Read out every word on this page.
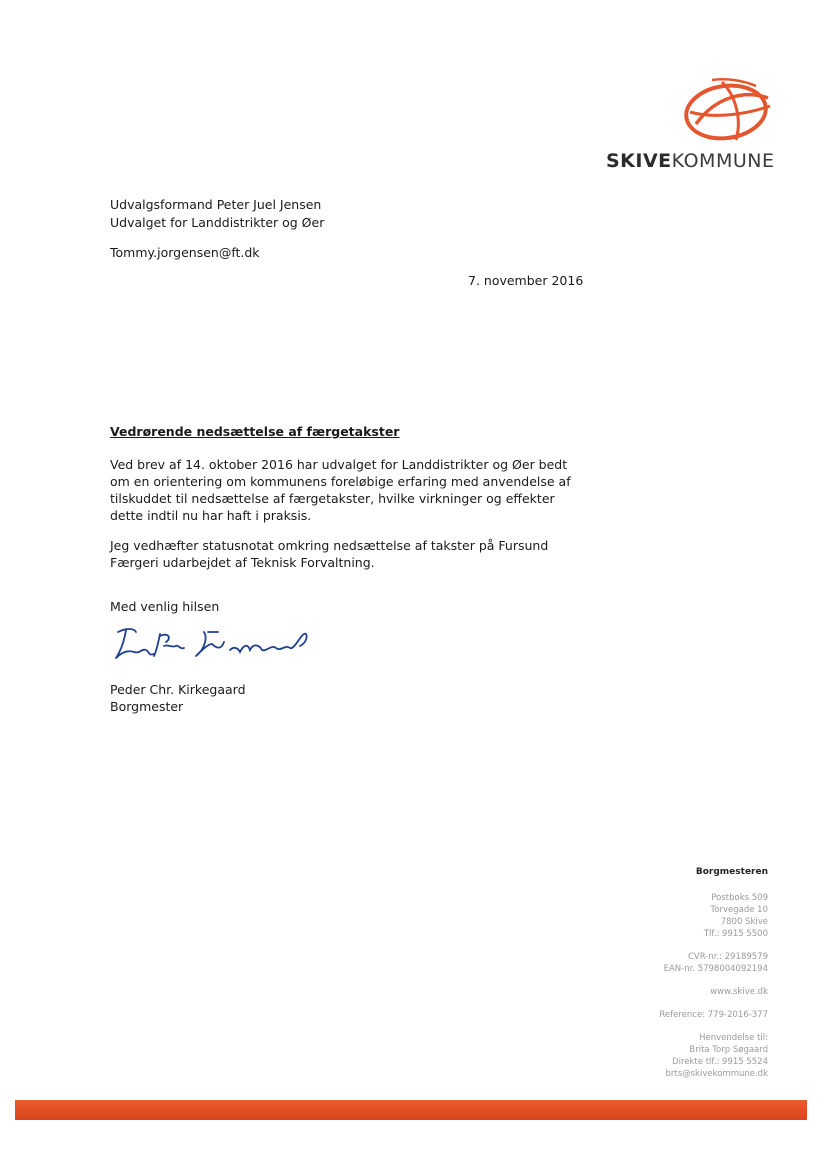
SKIVEKOMMUNE
Udvalgsformand Peter Juel Jensen
Udvalget for Landdistrikter og Øer
Tommy.jorgensen@ft.dk
7. november 2016
Vedrørende nedsættelse af færgetakster
Ved brev af 14. oktober 2016 har udvalget for Landdistrikter og Øer bedt om en orientering om kommunens foreløbige erfaring med anvendelse af tilskuddet til nedsættelse af færgetakster, hvilke virkninger og effekter dette indtil nu har haft i praksis.
Jeg vedhæfter statusnotat omkring nedsættelse af takster på Fursund Færgeri udarbejdet af Teknisk Forvaltning.
Med venlig hilsen
Peder Chr. Kirkegaard
Borgmester
Borgmesteren
Postboks 509
Torvegade 10
7800 Skive
Tlf.: 9915 5500
CVR-nr.: 29189579
EAN-nr. 5798004092194
www.skive.dk
Reference: 779-2016-377
Henvendelse til:
Brita Torp Søgaard
Direkte tlf.: 9915 5524
brts@skivekommune.dk
